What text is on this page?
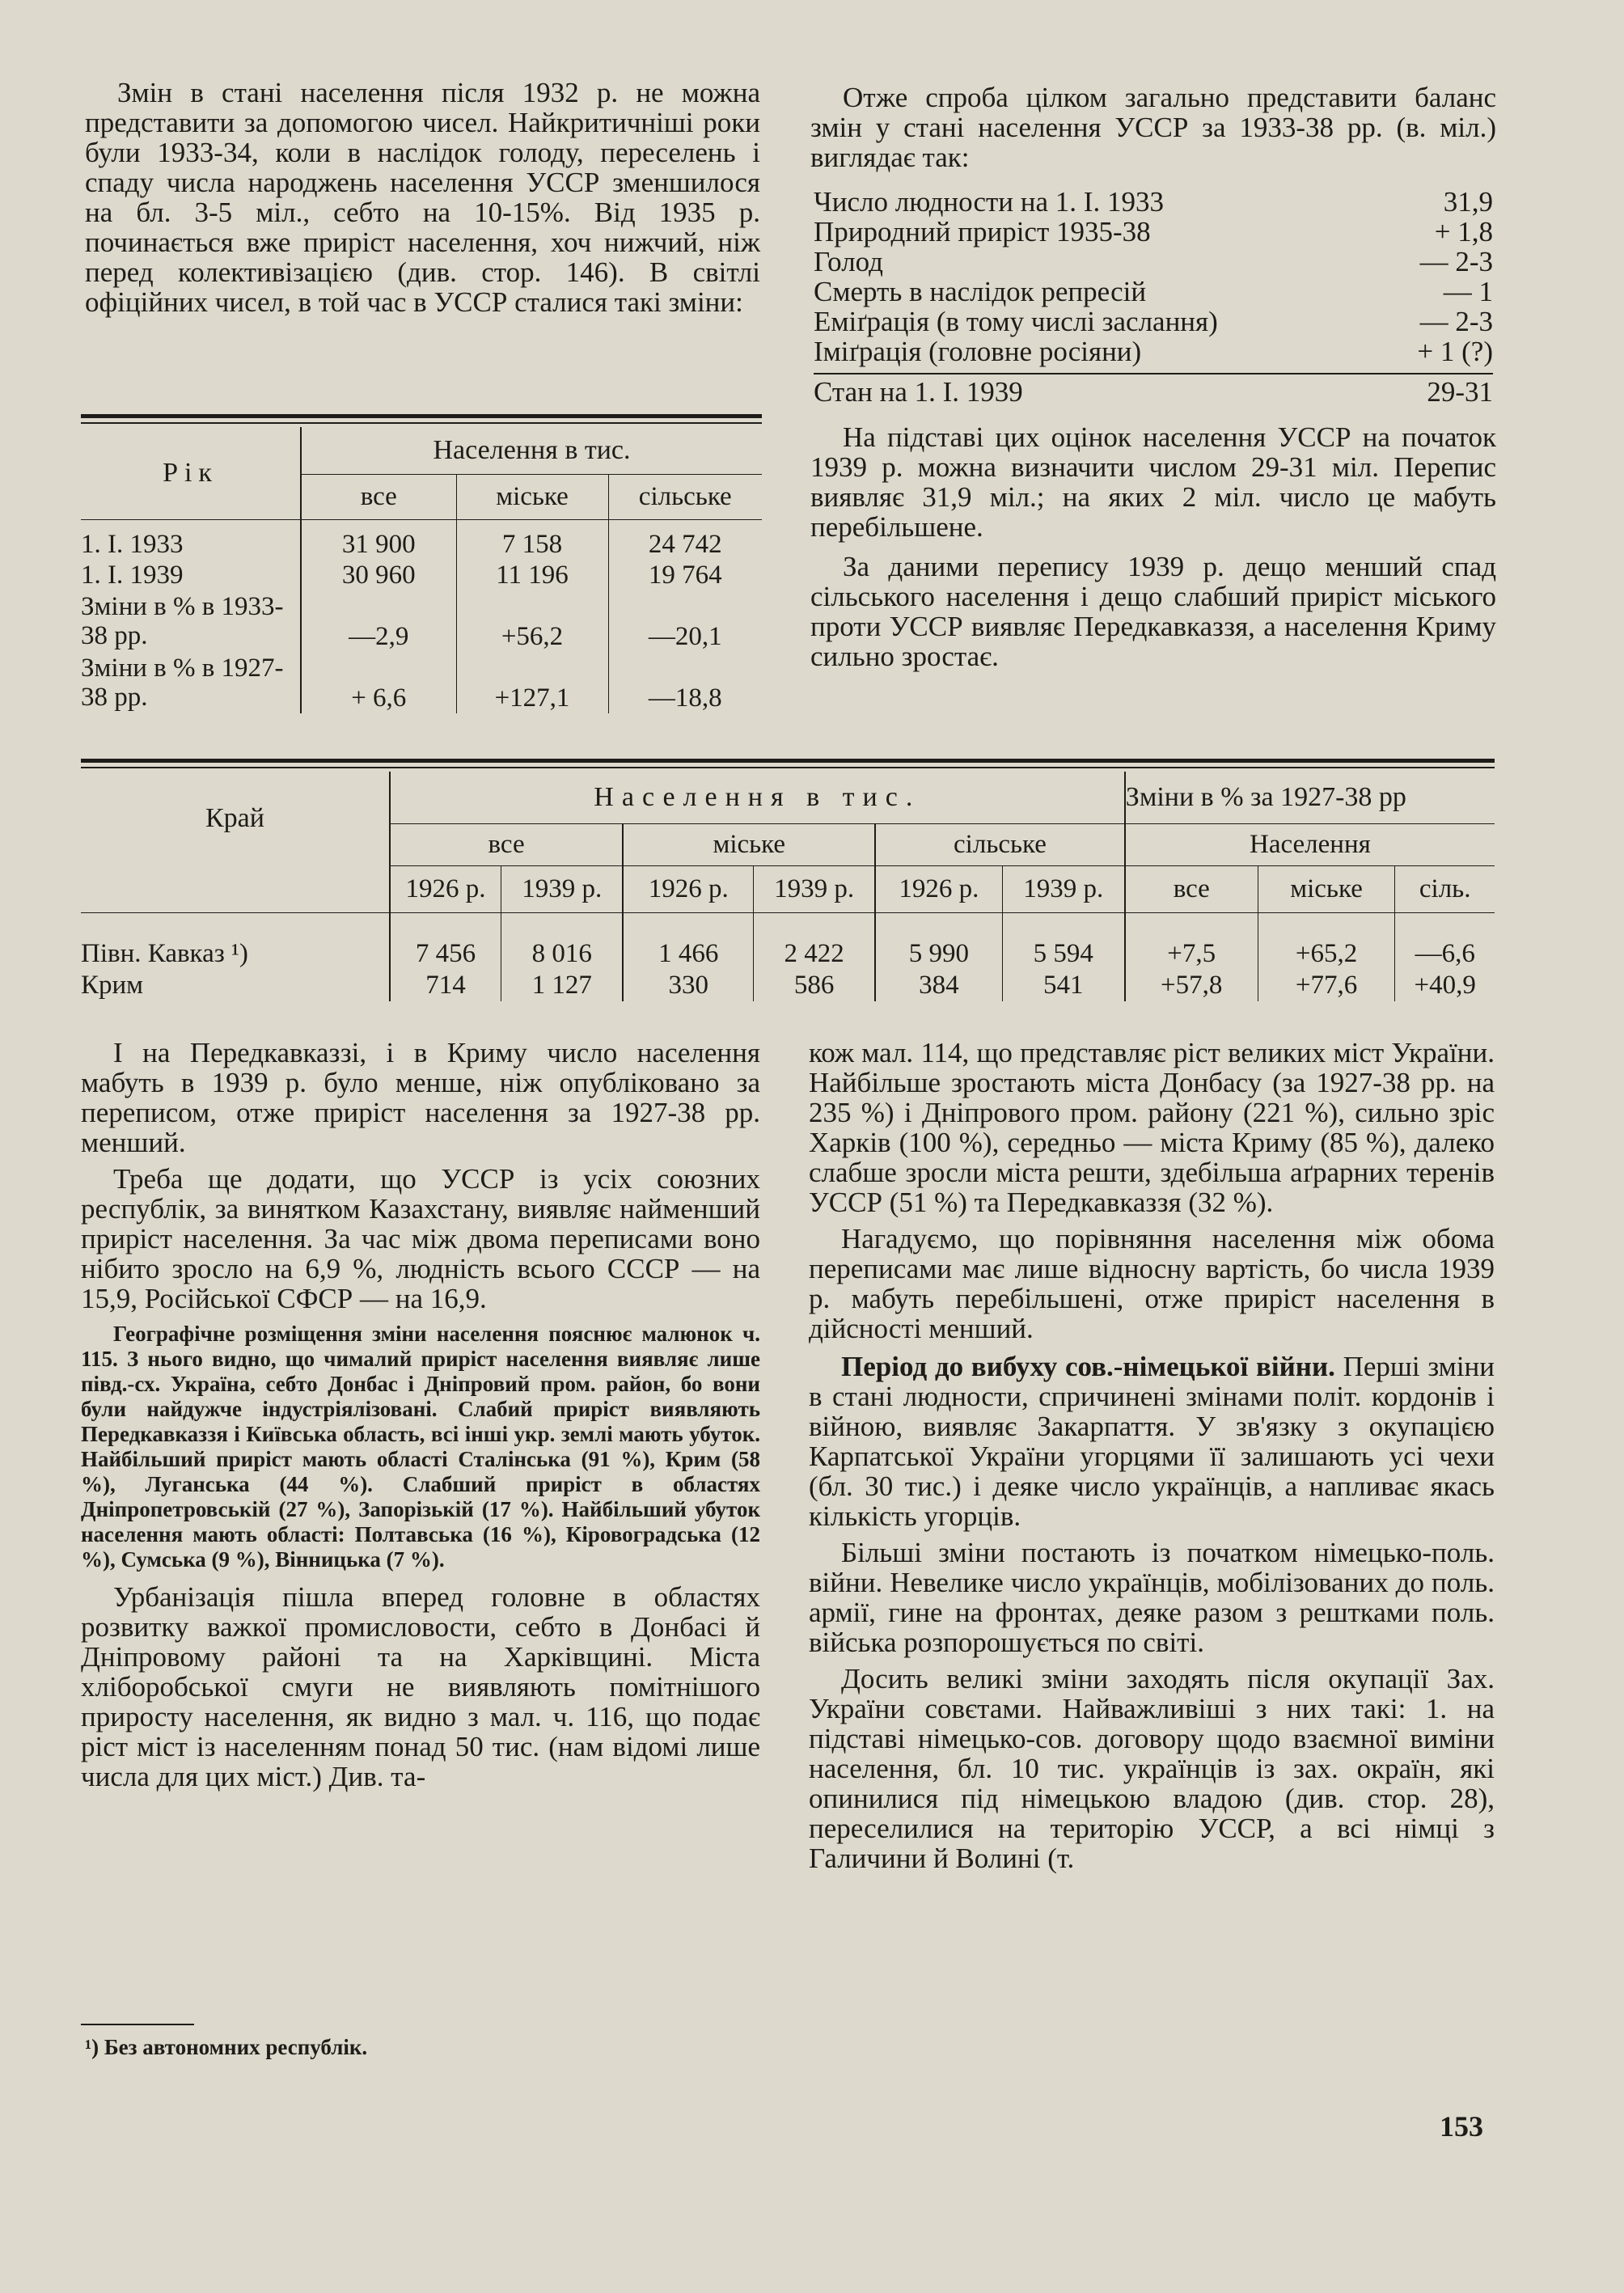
Змін в стані населення після 1932 р. не можна представити за допомогою чисел. Найкритичніші роки були 1933-34, коли в наслідок голоду, переселень і спаду числа народжень населення УССР зменшилося на бл. 3-5 міл., себто на 10-15%. Від 1935 р. починається вже приріст населення, хоч нижчий, ніж перед колективізацією (див. стор. 146). В світлі офіційних чисел, в той час в УССР сталися такі зміни:

Рік	Населення в тис.		
	все	міське	сільське
1. I. 1933	31 900	7 158	24 742
1. I. 1939	30 960	11 196	19 764
Зміни в % в 1933-38 рр.	—2,9	+56,2	—20,1
Зміни в % в 1927-38 рр.	+ 6,6	+127,1	—18,8

Отже спроба цілком загально представити баланс змін у стані населення УССР за 1933-38 рр. (в. міл.) виглядає так:

Число людности на 1. I. 1933	31,9
Природний приріст 1935-38	+ 1,8
Голод	— 2-3
Смерть в наслідок репресій	— 1
Еміґрація (в тому числі заслання)	— 2-3
Іміґрація (головне росіяни)	+ 1 (?)
Стан на 1. I. 1939	29-31

На підставі цих оцінок населення УССР на початок 1939 р. можна визначити числом 29-31 міл. Перепис виявляє 31,9 міл.; на яких 2 міл. число це мабуть перебільшене.

За даними перепису 1939 р. дещо менший спад сільського населення і дещо слабший приріст міського проти УССР виявляє Передкавказзя, а населення Криму сильно зростає.

Край	Населення в тис.						Зміни в % за 1927-38 рр		
	все		міське		сільське		Населення		
	1926 р.	1939 р.	1926 р.	1939 р.	1926 р.	1939 р.	все	міське	сіль.
Півн. Кавказ ¹)	7 456	8 016	1 466	2 422	5 990	5 594	+7,5	+65,2	—6,6
Крим	714	1 127	330	586	384	541	+57,8	+77,6	+40,9

І на Передкавказзі, і в Криму число населення мабуть в 1939 р. було менше, ніж опубліковано за переписом, отже приріст населення за 1927-38 рр. менший.

Треба ще додати, що УССР із усіх союзних республік, за винятком Казахстану, виявляє найменший приріст населення. За час між двома переписами воно нібито зросло на 6,9 %, людність всього СССР — на 15,9, Російської СФСР — на 16,9.

Географічне розміщення зміни населення пояснює малюнок ч. 115. З нього видно, що чималий приріст населення виявляє лише півд.-сх. Україна, себто Донбас і Дніпровий пром. район, бо вони були найдужче індустріялізовані. Слабий приріст виявляють Передкавказзя і Київська область, всі інші укр. землі мають убуток. Найбільший приріст мають області Сталінська (91 %), Крим (58 %), Луганська (44 %). Слабший приріст в областях Дніпропетровській (27 %), Запорізькій (17 %). Найбільший убуток населення мають області: Полтавська (16 %), Кіровоградська (12 %), Сумська (9 %), Вінницька (7 %).

Урбанізація пішла вперед головне в областях розвитку важкої промисловости, себто в Донбасі й Дніпровому районі та на Харківщині. Міста хліборобської смуги не виявляють помітнішого приросту населення, як видно з мал. ч. 116, що подає ріст міст із населенням понад 50 тис. (нам відомі лише числа для цих міст.) Див. та-

¹) Без автономних республік.

кож мал. 114, що представляє ріст великих міст України. Найбільше зростають міста Донбасу (за 1927-38 рр. на 235 %) і Дніпрового пром. району (221 %), сильно зріс Харків (100 %), середньо — міста Криму (85 %), далеко слабше зросли міста решти, здебільша аґрарних теренів УССР (51 %) та Передкавказзя (32 %).

Нагадуємо, що порівняння населення між обома переписами має лише відносну вартість, бо числа 1939 р. мабуть перебільшені, отже приріст населення в дійсності менший.

Період до вибуху сов.-німецької війни. Перші зміни в стані людности, спричинені змінами політ. кордонів і війною, виявляє Закарпаття. У зв'язку з окупацією Карпатської України угорцями її залишають усі чехи (бл. 30 тис.) і деяке число українців, а напливає якась кількість угорців.

Більші зміни постають із початком німецько-поль. війни. Невелике число українців, мобілізованих до поль. армії, гине на фронтах, деяке разом з рештками поль. війська розпорошується по світі.

Досить великі зміни заходять після окупації Зах. України совєтами. Найважливіші з них такі: 1. на підставі німецько-сов. договору щодо взаємної виміни населення, бл. 10 тис. українців із зах. окраїн, які опинилися під німецькою владою (див. стор. 28), переселилися на територію УССР, а всі німці з Галичини й Волині (т.

153
